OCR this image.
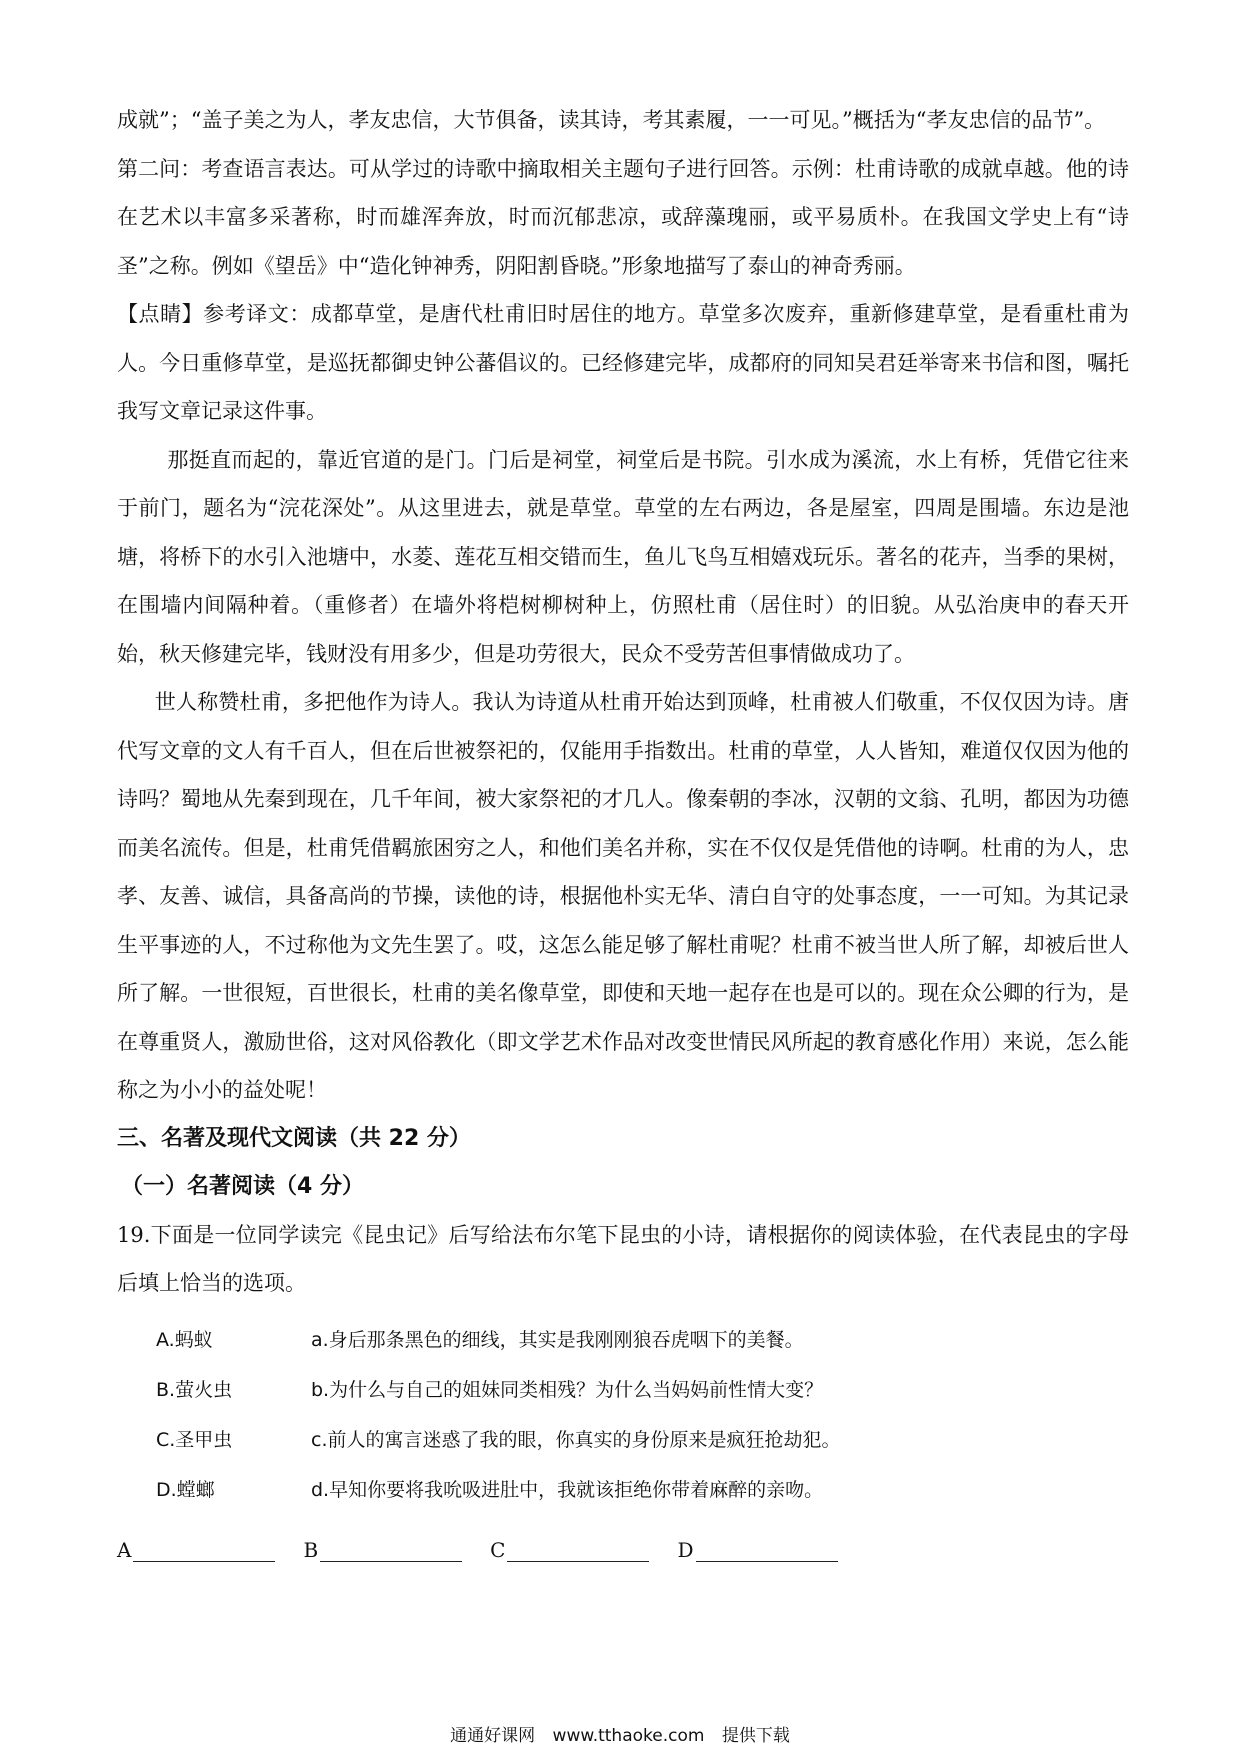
成就”；“盖子美之为人，孝友忠信，大节俱备，读其诗，考其素履，一一可见。”概括为“孝友忠信的品节”。

第二问：考查语言表达。可从学过的诗歌中摘取相关主题句子进行回答。示例：杜甫诗歌的成就卓越。他的诗在艺术以丰富多采著称，时而雄浑奔放，时而沉郁悲凉，或辞藻瑰丽，或平易质朴。在我国文学史上有“诗圣”之称。例如《望岳》中“造化钟神秀，阴阳割昏晓。”形象地描写了泰山的神奇秀丽。

【点睛】参考译文：成都草堂，是唐代杜甫旧时居住的地方。草堂多次废弃，重新修建草堂，是看重杜甫为人。今日重修草堂，是巡抚都御史钟公蕃倡议的。已经修建完毕，成都府的同知吴君廷举寄来书信和图，嘱托我写文章记录这件事。

那挺直而起的，靠近官道的是门。门后是祠堂，祠堂后是书院。引水成为溪流，水上有桥，凭借它往来于前门，题名为“浣花深处”。从这里进去，就是草堂。草堂的左右两边，各是屋室，四周是围墙。东边是池塘，将桥下的水引入池塘中，水菱、莲花互相交错而生，鱼儿飞鸟互相嬉戏玩乐。著名的花卉，当季的果树，在围墙内间隔种着。（重修者）在墙外将桤树柳树种上，仿照杜甫（居住时）的旧貌。从弘治庚申的春天开始，秋天修建完毕，钱财没有用多少，但是功劳很大，民众不受劳苦但事情做成功了。

世人称赞杜甫，多把他作为诗人。我认为诗道从杜甫开始达到顶峰，杜甫被人们敬重，不仅仅因为诗。唐代写文章的文人有千百人，但在后世被祭祀的，仅能用手指数出。杜甫的草堂，人人皆知，难道仅仅因为他的诗吗？蜀地从先秦到现在，几千年间，被大家祭祀的才几人。像秦朝的李冰，汉朝的文翁、孔明，都因为功德而美名流传。但是，杜甫凭借羁旅困穷之人，和他们美名并称，实在不仅仅是凭借他的诗啊。杜甫的为人，忠孝、友善、诚信，具备高尚的节操，读他的诗，根据他朴实无华、清白自守的处事态度，一一可知。为其记录生平事迹的人，不过称他为文先生罢了。哎，这怎么能足够了解杜甫呢？杜甫不被当世人所了解，却被后世人所了解。一世很短，百世很长，杜甫的美名像草堂，即使和天地一起存在也是可以的。现在众公卿的行为，是在尊重贤人，激励世俗，这对风俗教化（即文学艺术作品对改变世情民风所起的教育感化作用）来说，怎么能称之为小小的益处呢！

三、名著及现代文阅读（共 22 分）

（一）名著阅读（4 分）

19.下面是一位同学读完《昆虫记》后写给法布尔笔下昆虫的小诗，请根据你的阅读体验，在代表昆虫的字母后填上恰当的选项。

A.蚂蚁	a.身后那条黑色的细线，其实是我刚刚狼吞虎咽下的美餐。
B.萤火虫	b.为什么与自己的姐妹同类相残？为什么当妈妈前性情大变？
C.圣甲虫	c.前人的寓言迷惑了我的眼，你真实的身份原来是疯狂抢劫犯。
D.螳螂	d.早知你要将我吮吸进肚中，我就该拒绝你带着麻醉的亲吻。
A	B	C	D
通通好课网 www.tthaoke.com 提供下载
